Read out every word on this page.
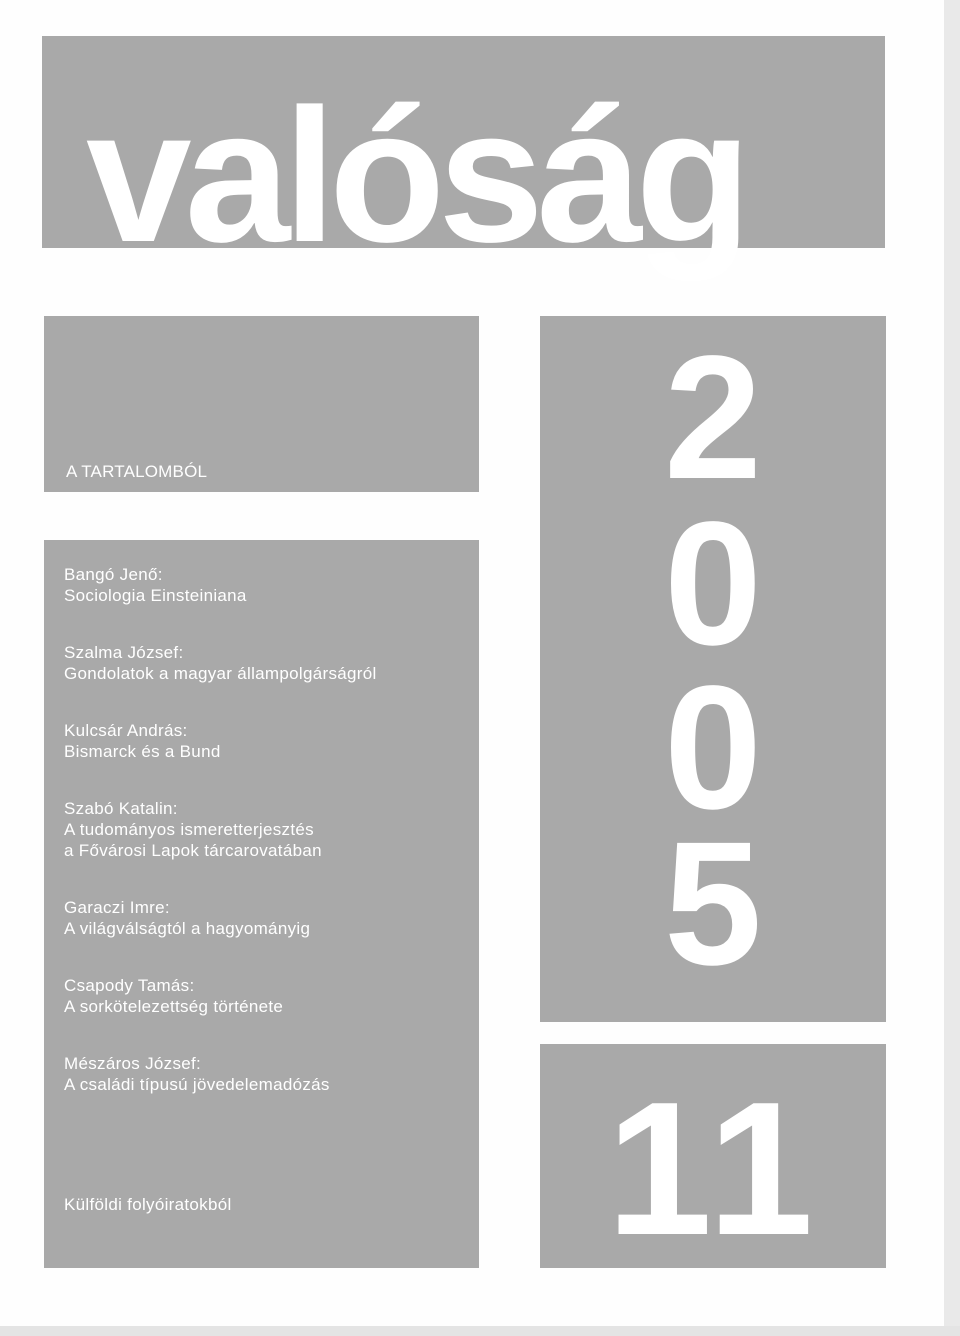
valóság
A TARTALOMBÓL
Bangó Jenő:
Sociologia Einsteiniana
Szalma József:
Gondolatok a magyar állampolgárságról
Kulcsár András:
Bismarck és a Bund
Szabó Katalin:
A tudományos ismeretterjesztés
a Fővárosi Lapok tárcarovatában
Garaczi Imre:
A világválságtól a hagyományig
Csapody Tamás:
A sorkötelezettség története
Mészáros József:
A családi típusú jövedelemadózás
Külföldi folyóiratokból
2
0
0
5
11
